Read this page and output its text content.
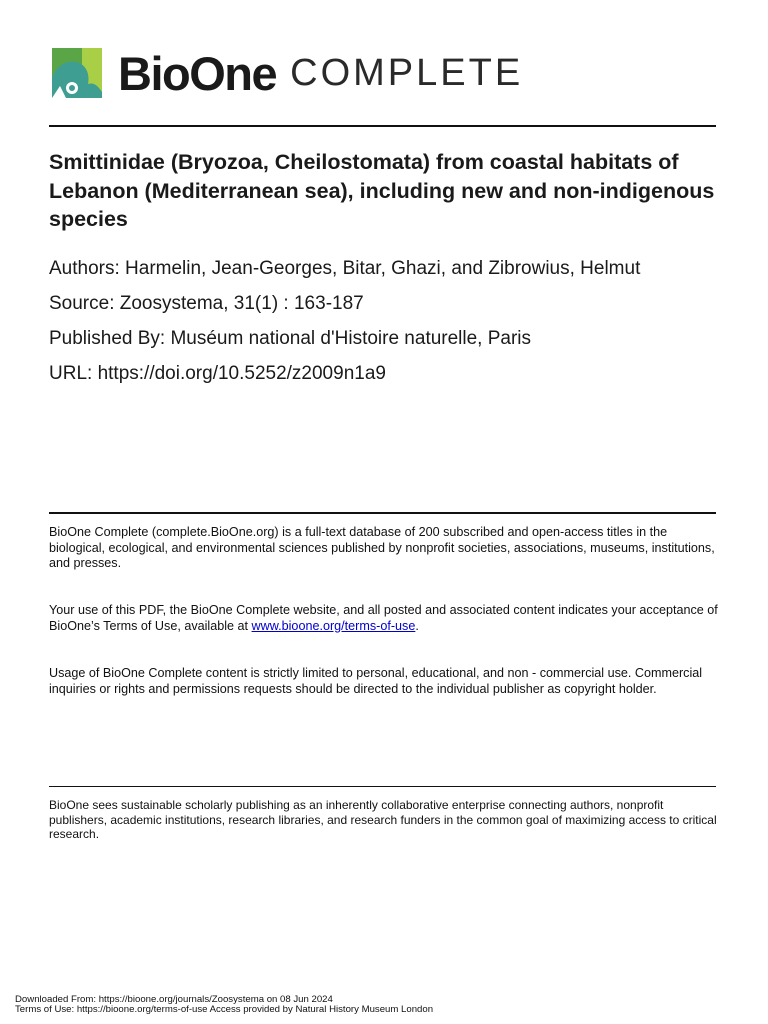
BioOne COMPLETE
Smittinidae (Bryozoa, Cheilostomata) from coastal habitats of Lebanon (Mediterranean sea), including new and non-indigenous species
Authors: Harmelin, Jean-Georges, Bitar, Ghazi, and Zibrowius, Helmut
Source: Zoosystema, 31(1) : 163-187
Published By: Muséum national d'Histoire naturelle, Paris
URL: https://doi.org/10.5252/z2009n1a9

BioOne Complete (complete.BioOne.org) is a full-text database of 200 subscribed and open-access titles in the biological, ecological, and environmental sciences published by nonprofit societies, associations, museums, institutions, and presses.

Your use of this PDF, the BioOne Complete website, and all posted and associated content indicates your acceptance of BioOne’s Terms of Use, available at www.bioone.org/terms-of-use.

Usage of BioOne Complete content is strictly limited to personal, educational, and non - commercial use. Commercial inquiries or rights and permissions requests should be directed to the individual publisher as copyright holder.

BioOne sees sustainable scholarly publishing as an inherently collaborative enterprise connecting authors, nonprofit publishers, academic institutions, research libraries, and research funders in the common goal of maximizing access to critical research.

Downloaded From: https://bioone.org/journals/Zoosystema on 08 Jun 2024
Terms of Use: https://bioone.org/terms-of-use Access provided by Natural History Museum London
